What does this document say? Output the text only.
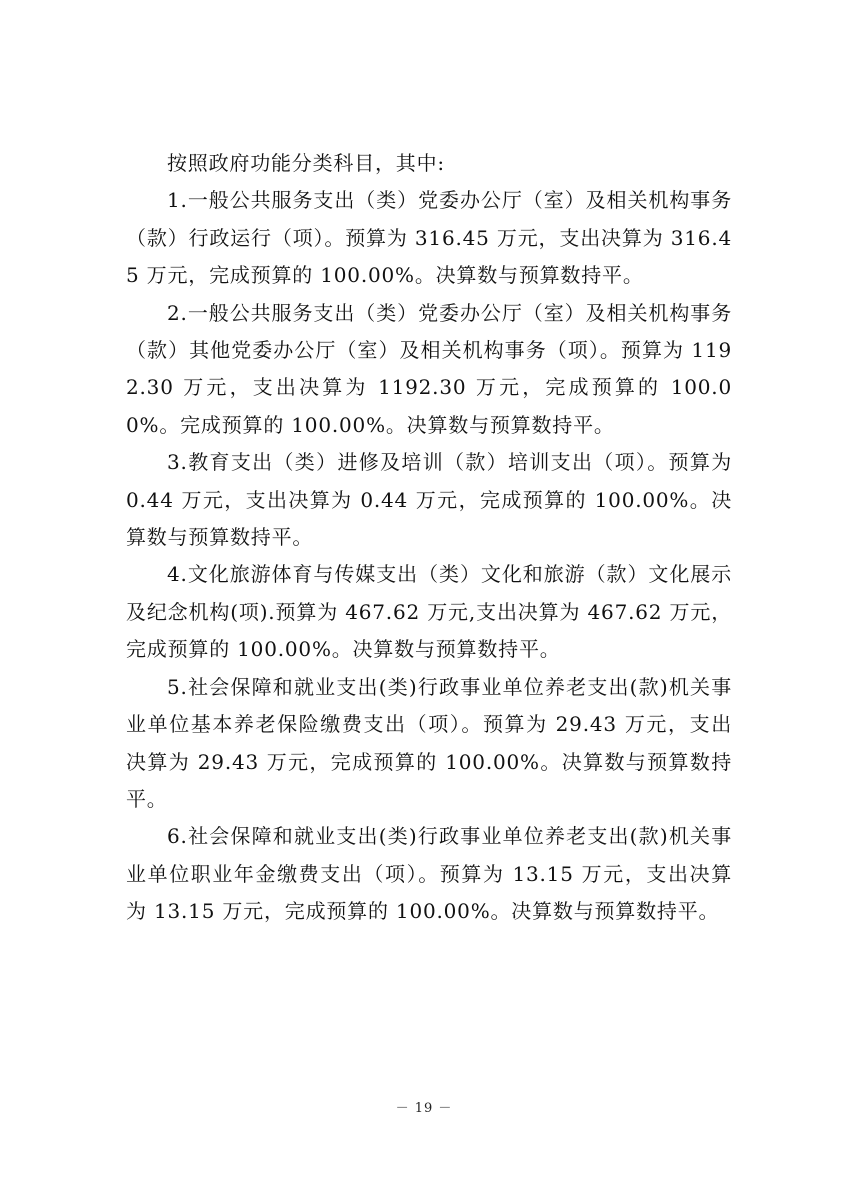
按照政府功能分类科目，其中:

1.一般公共服务支出（类）党委办公厅（室）及相关机构事务（款）行政运行（项）。预算为 316.45 万元，支出决算为 316.45 万元，完成预算的 100.00%。决算数与预算数持平。

2.一般公共服务支出（类）党委办公厅（室）及相关机构事务（款）其他党委办公厅（室）及相关机构事务（项）。预算为 1192.30 万元，支出决算为 1192.30 万元，完成预算的 100.00%。完成预算的 100.00%。决算数与预算数持平。

3.教育支出（类）进修及培训（款）培训支出（项）。预算为 0.44 万元，支出决算为 0.44 万元，完成预算的 100.00%。决算数与预算数持平。

4.文化旅游体育与传媒支出（类）文化和旅游（款）文化展示及纪念机构(项).预算为 467.62 万元,支出决算为 467.62 万元，完成预算的 100.00%。决算数与预算数持平。

5.社会保障和就业支出(类)行政事业单位养老支出(款)机关事业单位基本养老保险缴费支出（项）。预算为 29.43 万元，支出决算为 29.43 万元，完成预算的 100.00%。决算数与预算数持平。

6.社会保障和就业支出(类)行政事业单位养老支出(款)机关事业单位职业年金缴费支出（项）。预算为 13.15 万元，支出决算为 13.15 万元，完成预算的 100.00%。决算数与预算数持平。

－ 19 －
